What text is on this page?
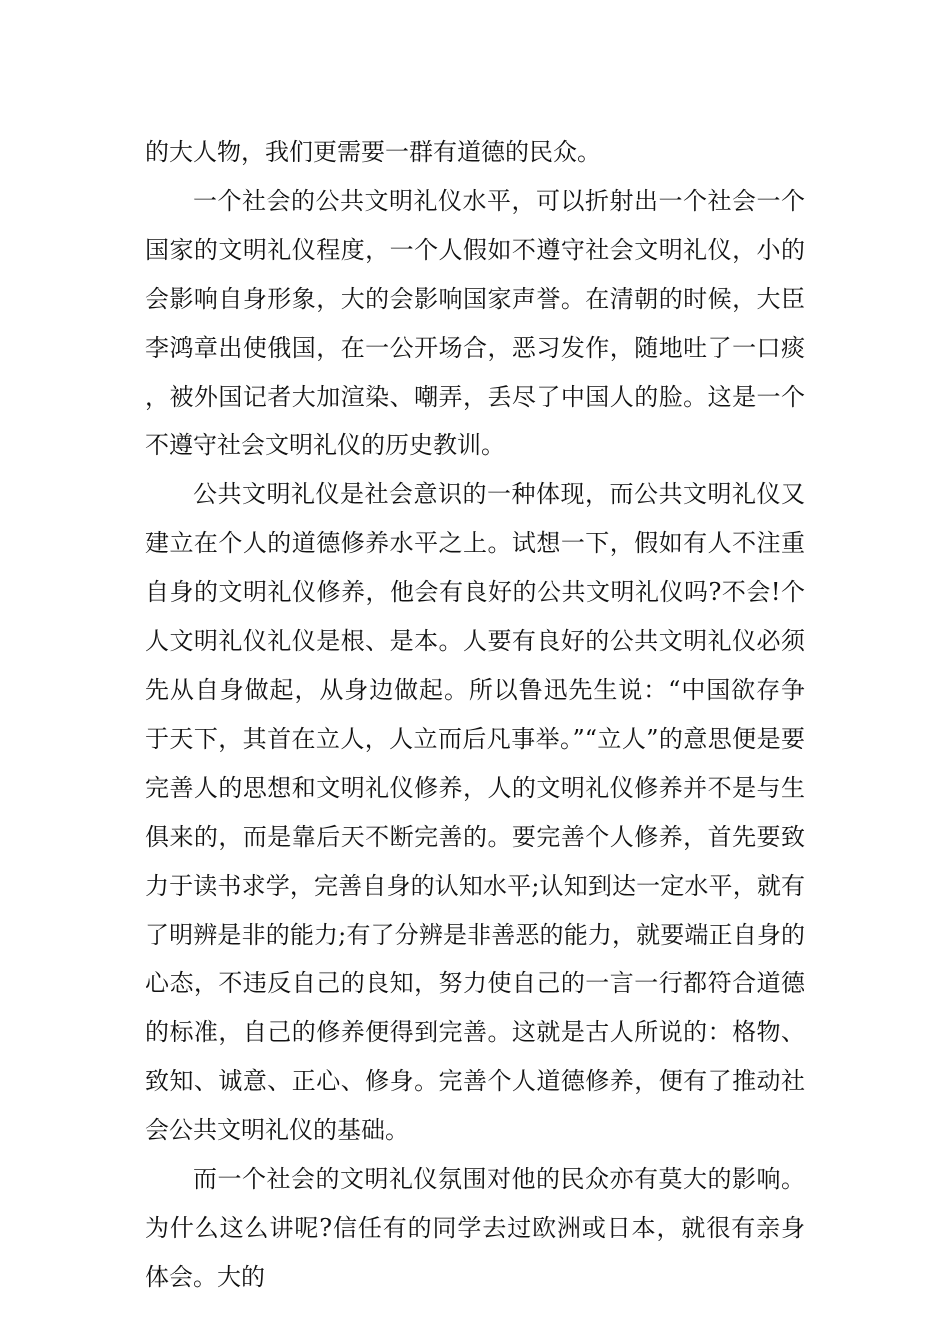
的大人物，我们更需要一群有道德的民众。

一个社会的公共文明礼仪水平，可以折射出一个社会一个国家的文明礼仪程度，一个人假如不遵守社会文明礼仪，小的会影响自身形象，大的会影响国家声誉。在清朝的时候，大臣李鸿章出使俄国，在一公开场合，恶习发作，随地吐了一口痰，被外国记者大加渲染、嘲弄，丢尽了中国人的脸。这是一个不遵守社会文明礼仪的历史教训。

公共文明礼仪是社会意识的一种体现，而公共文明礼仪又建立在个人的道德修养水平之上。试想一下，假如有人不注重自身的文明礼仪修养，他会有良好的公共文明礼仪吗?不会!个人文明礼仪礼仪是根、是本。人要有良好的公共文明礼仪必须先从自身做起，从身边做起。所以鲁迅先生说：“中国欲存争于天下，其首在立人，人立而后凡事举。”“立人”的意思便是要完善人的思想和文明礼仪修养，人的文明礼仪修养并不是与生俱来的，而是靠后天不断完善的。要完善个人修养，首先要致力于读书求学，完善自身的认知水平;认知到达一定水平，就有了明辨是非的能力;有了分辨是非善恶的能力，就要端正自身的心态，不违反自己的良知，努力使自己的一言一行都符合道德的标准，自己的修养便得到完善。这就是古人所说的：格物、致知、诚意、正心、修身。完善个人道德修养，便有了推动社会公共文明礼仪的基础。

而一个社会的文明礼仪氛围对他的民众亦有莫大的影响。为什么这么讲呢?信任有的同学去过欧洲或日本，就很有亲身体会。大的
